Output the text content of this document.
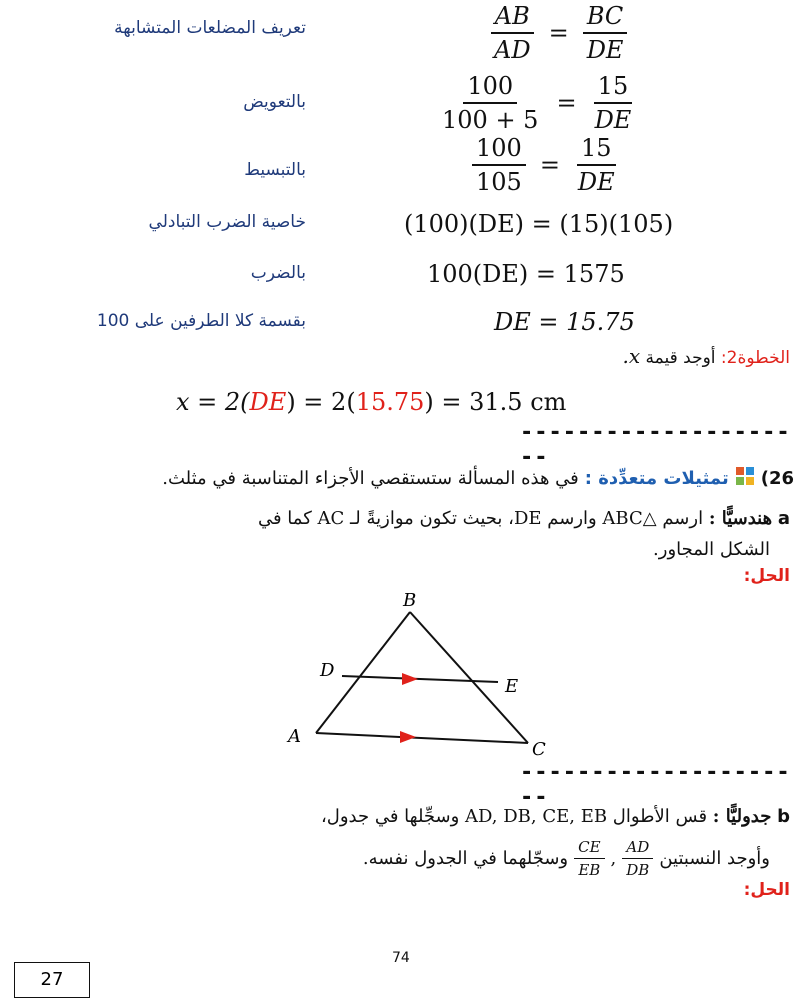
تعريف المضلعات المتشابهة
بالتعويض
بالتبسيط
خاصية الضرب التبادلي
بالضرب
بقسمة كلا الطرفين على 100
$\frac{AB}{AD} = \frac{BC}{DE}$
$\frac{100}{100 + 5} = \frac{15}{DE}$
$\frac{100}{105} = \frac{15}{DE}$
(100)(DE) = (15)(105)
100(DE) = 1575
DE = 15.75
الخطوة2: أوجد قيمة x.
x = 2(DE) = 2(15.75) = 31.5 cm
---------------------
26)
تمثيلات متعدِّدة :
في هذه المسألة ستستقصي الأجزاء المتناسبة في مثلث.
a هندسيًّا : ارسم △ABC وارسم DE، بحيث تكون موازيةً لـ AC كما في
الشكل المجاور.
الحل:
B
D
E
A
C
---------------------
b جدوليًّا : قس الأطوال AD, DB, CE, EB وسجِّلها في جدول،
وأوجد النسبتين
$\frac{AD}{DB}$
,
$\frac{CE}{EB}$
وسجّلهما في الجدول نفسه.
الحل:
74
27
